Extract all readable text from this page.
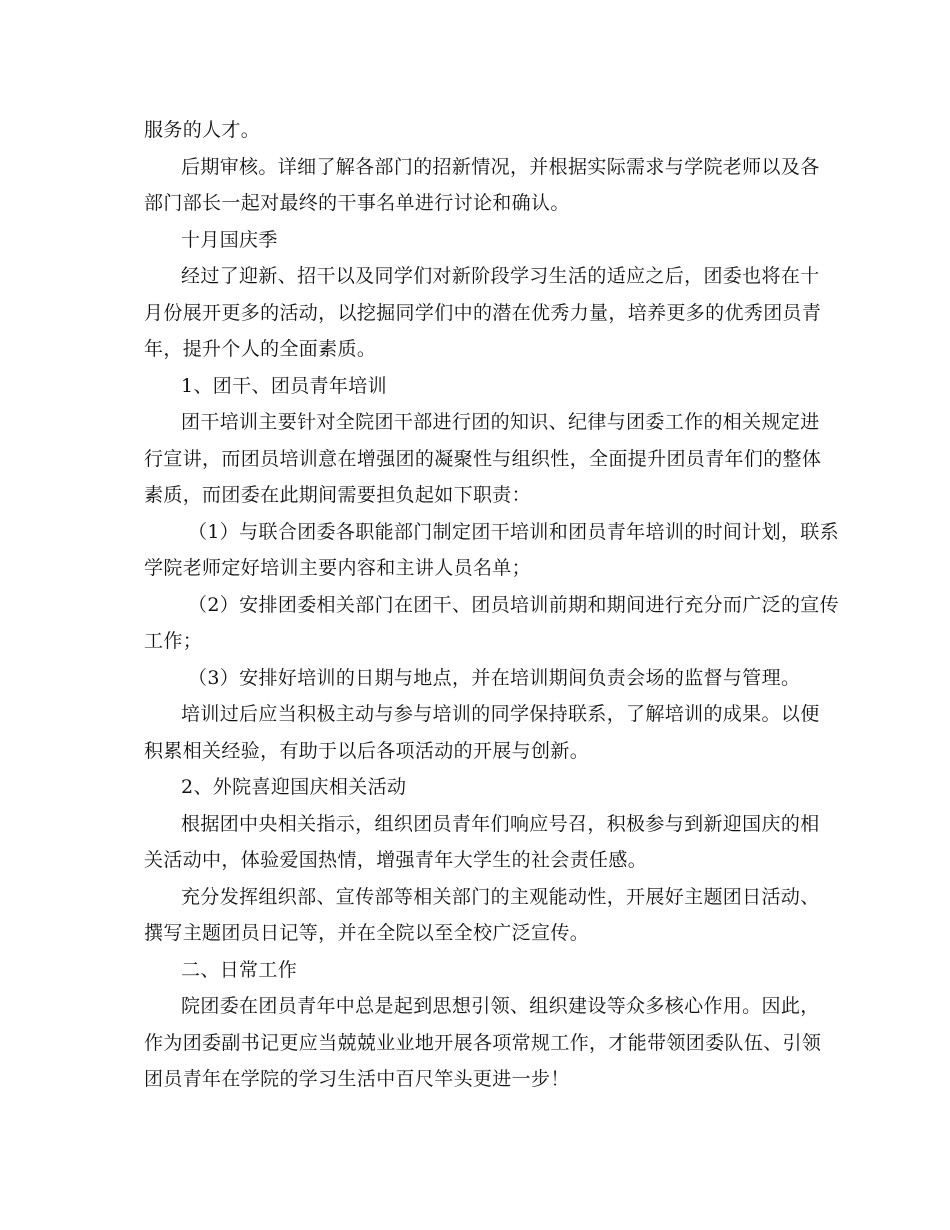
服务的人才。
后期审核。详细了解各部门的招新情况，并根据实际需求与学院老师以及各
部门部长一起对最终的干事名单进行讨论和确认。
十月国庆季
经过了迎新、招干以及同学们对新阶段学习生活的适应之后，团委也将在十
月份展开更多的活动，以挖掘同学们中的潜在优秀力量，培养更多的优秀团员青
年，提升个人的全面素质。
1、团干、团员青年培训
团干培训主要针对全院团干部进行团的知识、纪律与团委工作的相关规定进
行宣讲，而团员培训意在增强团的凝聚性与组织性，全面提升团员青年们的整体
素质，而团委在此期间需要担负起如下职责：
（1）与联合团委各职能部门制定团干培训和团员青年培训的时间计划，联系
学院老师定好培训主要内容和主讲人员名单；
（2）安排团委相关部门在团干、团员培训前期和期间进行充分而广泛的宣传
工作；
（3）安排好培训的日期与地点，并在培训期间负责会场的监督与管理。
培训过后应当积极主动与参与培训的同学保持联系，了解培训的成果。以便
积累相关经验，有助于以后各项活动的开展与创新。
2、外院喜迎国庆相关活动
根据团中央相关指示，组织团员青年们响应号召，积极参与到新迎国庆的相
关活动中，体验爱国热情，增强青年大学生的社会责任感。
充分发挥组织部、宣传部等相关部门的主观能动性，开展好主题团日活动、
撰写主题团员日记等，并在全院以至全校广泛宣传。
二、日常工作
院团委在团员青年中总是起到思想引领、组织建设等众多核心作用。因此，
作为团委副书记更应当兢兢业业地开展各项常规工作，才能带领团委队伍、引领
团员青年在学院的学习生活中百尺竿头更进一步！
